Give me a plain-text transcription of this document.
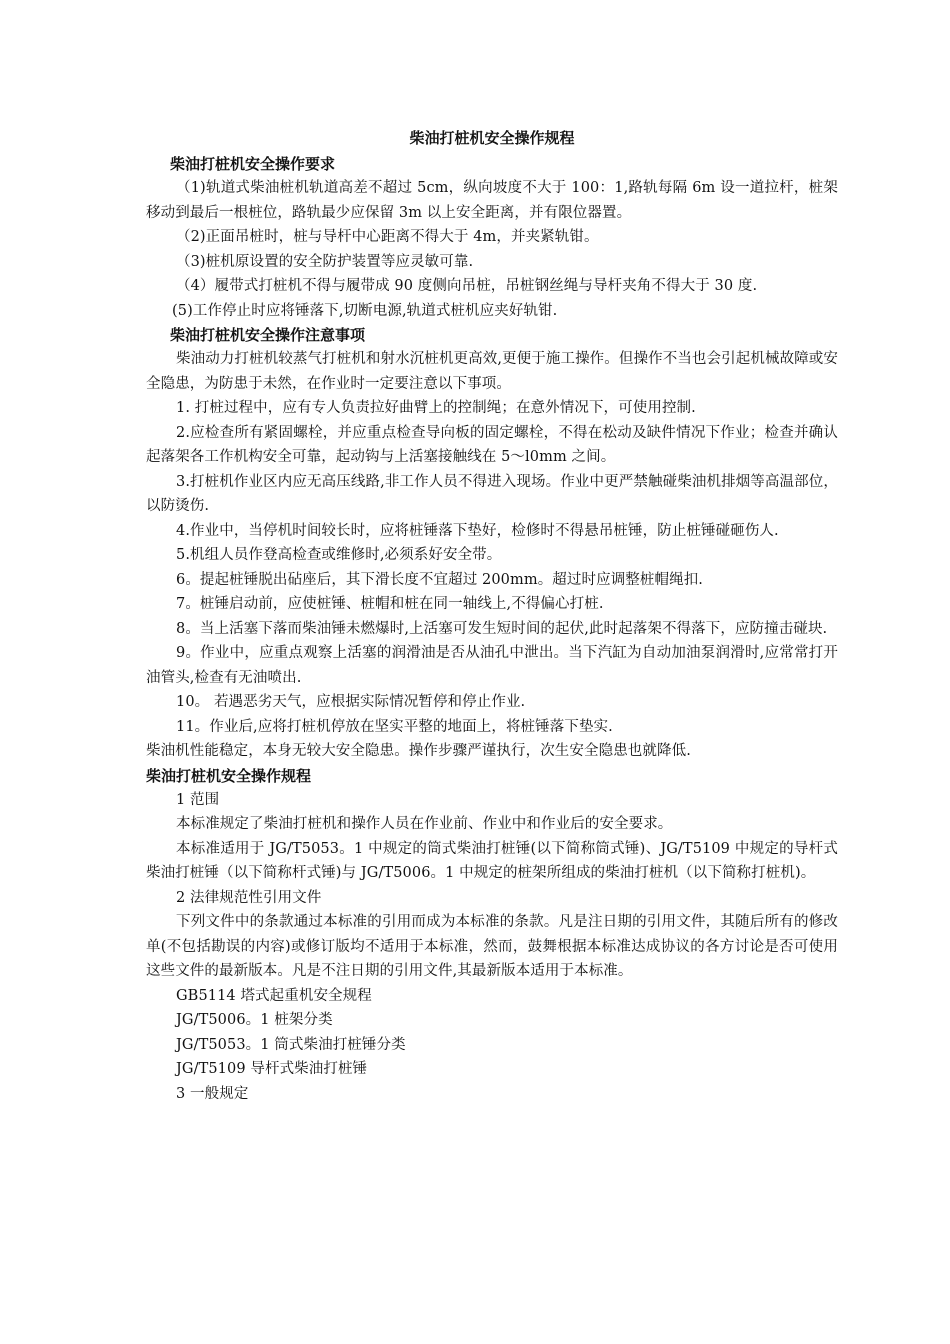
柴油打桩机安全操作规程
柴油打桩机安全操作要求

（1)轨道式柴油桩机轨道高差不超过 5cm，纵向坡度不大于 100：1,路轨每隔 6m 设一道拉杆，桩架移动到最后一根桩位，路轨最少应保留 3m 以上安全距离，并有限位器置。

（2)正面吊桩时，桩与导杆中心距离不得大于 4m，并夹紧轨钳。

（3)桩机原设置的安全防护装置等应灵敏可靠.

（4）履带式打桩机不得与履带成 90 度侧向吊桩，吊桩钢丝绳与导杆夹角不得大于 30 度.

(5)工作停止时应将锤落下,切断电源,轨道式桩机应夹好轨钳.

柴油打桩机安全操作注意事项

柴油动力打桩机较蒸气打桩机和射水沉桩机更高效,更便于施工操作。但操作不当也会引起机械故障或安全隐患，为防患于未然，在作业时一定要注意以下事项。

1. 打桩过程中，应有专人负责拉好曲臂上的控制绳；在意外情况下，可使用控制.

2.应检查所有紧固螺栓，并应重点检查导向板的固定螺栓，不得在松动及缺件情况下作业；检查并确认起落架各工作机构安全可靠，起动钩与上活塞接触线在 5～l0mm 之间。

3.打桩机作业区内应无高压线路,非工作人员不得进入现场。作业中更严禁触碰柴油机排烟等高温部位，以防烫伤.

4.作业中，当停机时间较长时，应将桩锤落下垫好，检修时不得悬吊桩锤，防止桩锤碰砸伤人.

5.机组人员作登高检查或维修时,必须系好安全带。

6。提起桩锤脱出砧座后，其下滑长度不宜超过 200mm。超过时应调整桩帽绳扣.

7。桩锤启动前，应使桩锤、桩帽和桩在同一轴线上,不得偏心打桩.

8。当上活塞下落而柴油锤未燃爆时,上活塞可发生短时间的起伏,此时起落架不得落下，应防撞击碰块.

9。作业中，应重点观察上活塞的润滑油是否从油孔中泄出。当下汽缸为自动加油泵润滑时,应常常打开油管头,检查有无油喷出.

10。 若遇恶劣天气，应根据实际情况暂停和停止作业.

11。作业后,应将打桩机停放在坚实平整的地面上，将桩锤落下垫实.

柴油机性能稳定，本身无较大安全隐患。操作步骤严谨执行，次生安全隐患也就降低.

柴油打桩机安全操作规程

1 范围

本标准规定了柴油打桩机和操作人员在作业前、作业中和作业后的安全要求。

本标准适用于 JG/T5053。1 中规定的筒式柴油打桩锤(以下简称筒式锤)、JG/T5109 中规定的导杆式柴油打桩锤（以下简称杆式锤)与 JG/T5006。1 中规定的桩架所组成的柴油打桩机（以下简称打桩机)。

2 法律规范性引用文件

下列文件中的条款通过本标准的引用而成为本标准的条款。凡是注日期的引用文件，其随后所有的修改单(不包括勘误的内容)或修订版均不适用于本标准，然而，鼓舞根据本标准达成协议的各方讨论是否可使用这些文件的最新版本。凡是不注日期的引用文件,其最新版本适用于本标准。

GB5114 塔式起重机安全规程

JG/T5006。1 桩架分类

JG/T5053。1 筒式柴油打桩锤分类

JG/T5109 导杆式柴油打桩锤

3 一般规定
